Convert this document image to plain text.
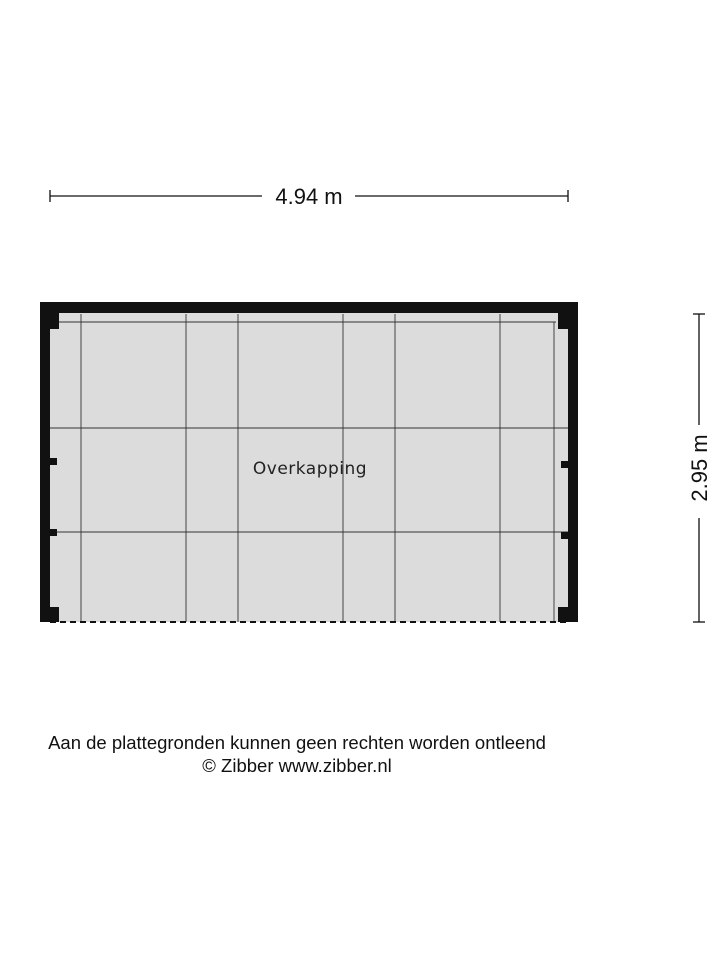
4.94 m
2.95 m
Overkapping
Aan de plattegronden kunnen geen rechten worden ontleend
© Zibber www.zibber.nl
